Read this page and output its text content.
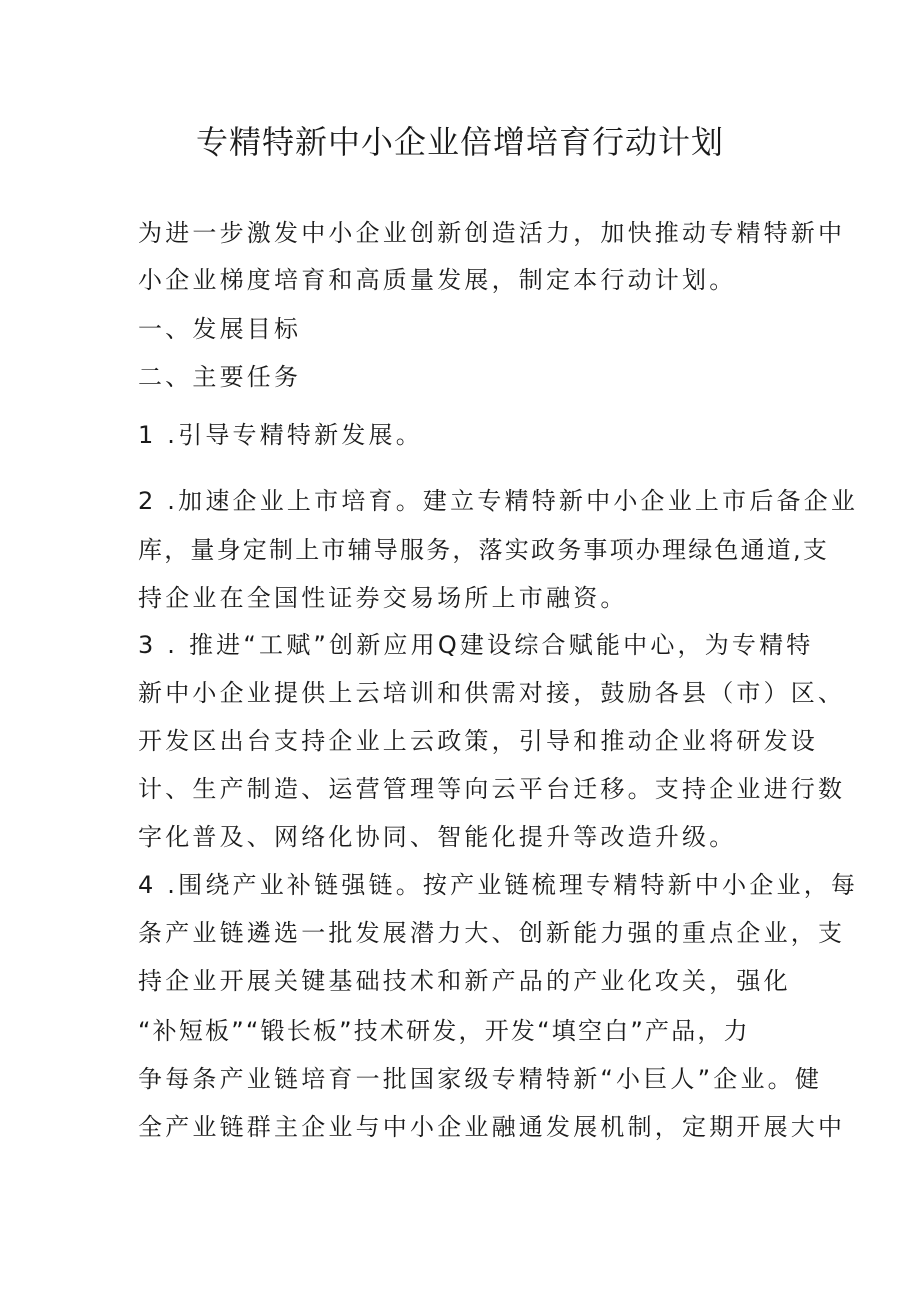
专精特新中小企业倍增培育行动计划
为进一步激发中小企业创新创造活力，加快推动专精特新中
小企业梯度培育和高质量发展，制定本行动计划。
一、发展目标
二、主要任务
1 .引导专精特新发展。
2 .加速企业上市培育。建立专精特新中小企业上市后备企业
库，量身定制上市辅导服务，落实政务事项办理绿色通道,支
持企业在全国性证券交易场所上市融资。
3 . 推进“工赋”创新应用Q建设综合赋能中心，为专精特
新中小企业提供上云培训和供需对接，鼓励各县（市）区、
开发区出台支持企业上云政策，引导和推动企业将研发设
计、生产制造、运营管理等向云平台迁移。支持企业进行数
字化普及、网络化协同、智能化提升等改造升级。
4 .围绕产业补链强链。按产业链梳理专精特新中小企业，每
条产业链遴选一批发展潜力大、创新能力强的重点企业，支
持企业开展关键基础技术和新产品的产业化攻关，强化
“补短板”“锻长板”技术研发，开发“填空白”产品，力
争每条产业链培育一批国家级专精特新“小巨人”企业。健
全产业链群主企业与中小企业融通发展机制，定期开展大中
